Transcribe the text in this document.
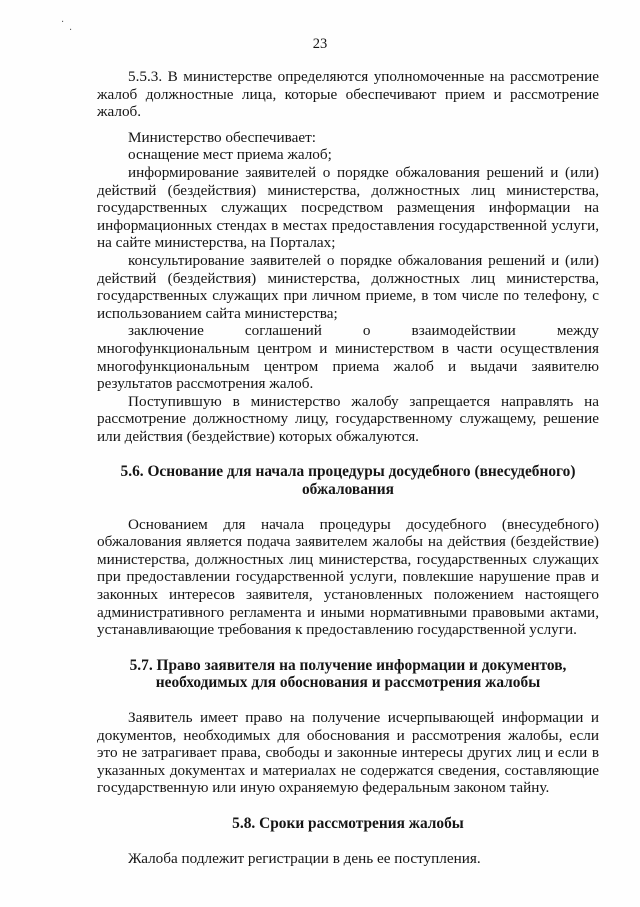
·
·
23

5.5.3. В министерстве определяются уполномоченные на рассмотрение жалоб должностные лица, которые обеспечивают прием и рассмотрение жалоб.

Министерство обеспечивает:

оснащение мест приема жалоб;

информирование заявителей о порядке обжалования решений и (или) действий (бездействия) министерства, должностных лиц министерства, государственных служащих посредством размещения информации на информационных стендах в местах предоставления государственной услуги, на сайте министерства, на Порталах;

консультирование заявителей о порядке обжалования решений и (или) действий (бездействия) министерства, должностных лиц министерства, государственных служащих при личном приеме, в том числе по телефону, с использованием сайта министерства;

заключение соглашений о взаимодействии между многофункциональным центром и министерством в части осуществления многофункциональным центром приема жалоб и выдачи заявителю результатов рассмотрения жалоб.

Поступившую в министерство жалобу запрещается направлять на рассмотрение должностному лицу, государственному служащему, решение или действия (бездействие) которых обжалуются.

5.6. Основание для начала процедуры досудебного (внесудебного)
обжалования

Основанием для начала процедуры досудебного (внесудебного) обжалования является подача заявителем жалобы на действия (бездействие) министерства, должностных лиц министерства, государственных служащих при предоставлении государственной услуги, повлекшие нарушение прав и законных интересов заявителя, установленных положением настоящего административного регламента и иными нормативными правовыми актами, устанавливающие требования к предоставлению государственной услуги.

5.7. Право заявителя на получение информации и документов,
необходимых для обоснования и рассмотрения жалобы

Заявитель имеет право на получение исчерпывающей информации и документов, необходимых для обоснования и рассмотрения жалобы, если это не затрагивает права, свободы и законные интересы других лиц и если в указанных документах и материалах не содержатся сведения, составляющие государственную или иную охраняемую федеральным законом тайну.

5.8. Сроки рассмотрения жалобы

Жалоба подлежит регистрации в день ее поступления.
